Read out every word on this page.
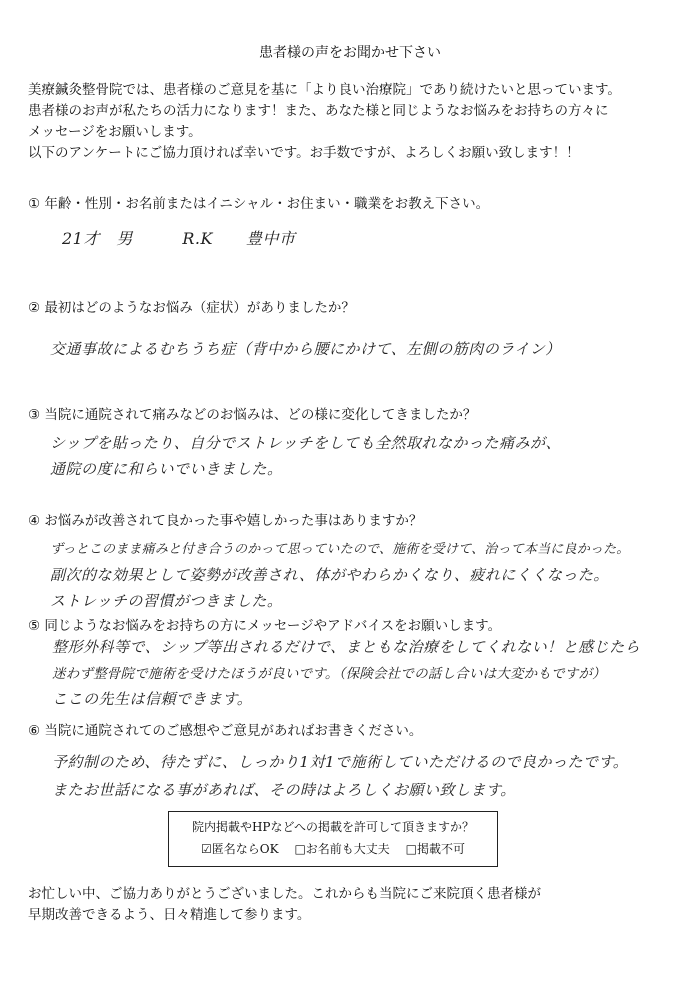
患者様の声をお聞かせ下さい
美療鍼灸整骨院では、患者様のご意見を基に「より良い治療院」であり続けたいと思っています。
患者様のお声が私たちの活力になります！また、あなた様と同じようなお悩みをお持ちの方々に
メッセージをお願いします。
以下のアンケートにご協力頂ければ幸いです。お手数ですが、よろしくお願い致します！！
① 年齢・性別・お名前またはイニシャル・お住まい・職業をお教え下さい。
21才　男　　　R.K　　豊中市
② 最初はどのようなお悩み（症状）がありましたか？
交通事故によるむちうち症（背中から腰にかけて、左側の筋肉のライン）
③ 当院に通院されて痛みなどのお悩みは、どの様に変化してきましたか？
シップを貼ったり、自分でストレッチをしても全然取れなかった痛みが、
通院の度に和らいでいきました。
④ お悩みが改善されて良かった事や嬉しかった事はありますか？
ずっとこのまま痛みと付き合うのかって思っていたので、施術を受けて、治って本当に良かった。
副次的な効果として姿勢が改善され、体がやわらかくなり、疲れにくくなった。
ストレッチの習慣がつきました。
⑤ 同じようなお悩みをお持ちの方にメッセージやアドバイスをお願いします。
整形外科等で、シップ等出されるだけで、まともな治療をしてくれない！と感じたら
迷わず整骨院で施術を受けたほうが良いです。（保険会社での話し合いは大変かもですが）
ここの先生は信頼できます。
⑥ 当院に通院されてのご感想やご意見があればお書きください。
予約制のため、待たずに、しっかり1対1で施術していただけるので良かったです。
またお世話になる事があれば、その時はよろしくお願い致します。
院内掲載やHPなどへの掲載を許可して頂きますか？
☑匿名ならOK □お名前も大丈夫 □掲載不可
お忙しい中、ご協力ありがとうございました。これからも当院にご来院頂く患者様が
早期改善できるよう、日々精進して参ります。
